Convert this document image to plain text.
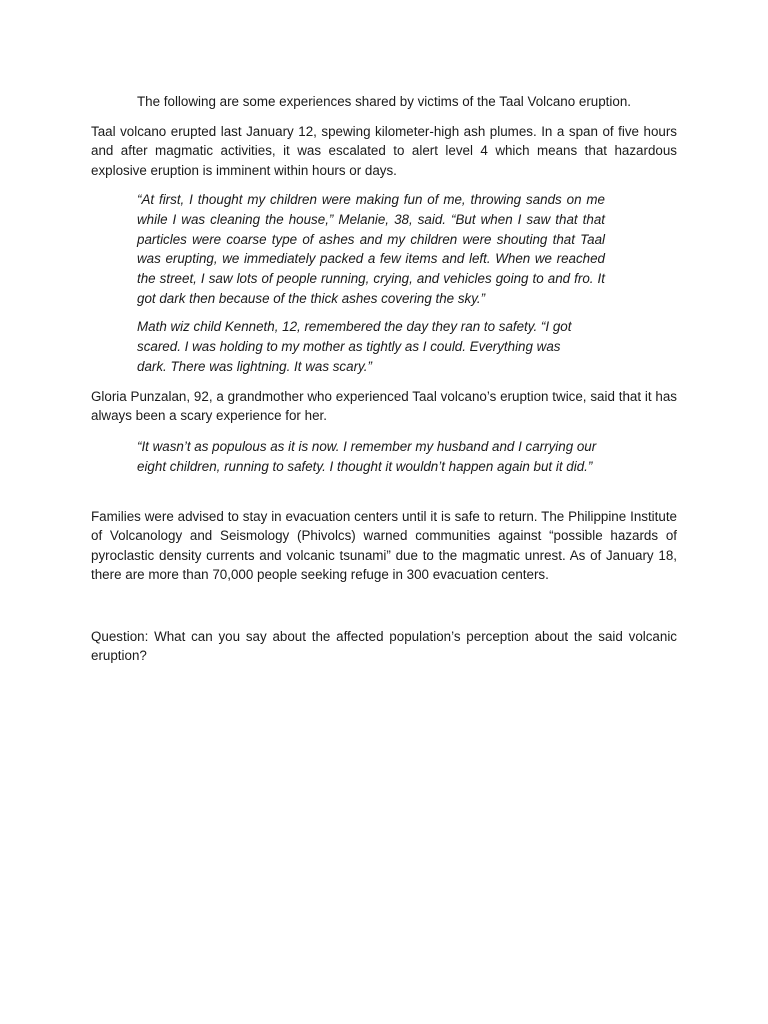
The following are some experiences shared by victims of the Taal Volcano eruption.

Taal volcano erupted last January 12, spewing kilometer-high ash plumes. In a span of five hours and after magmatic activities, it was escalated to alert level 4 which means that hazardous explosive eruption is imminent within hours or days.

“At first, I thought my children were making fun of me, throwing sands on me while I was cleaning the house,” Melanie, 38, said. “But when I saw that that particles were coarse type of ashes and my children were shouting that Taal was erupting, we immediately packed a few items and left. When we reached the street, I saw lots of people running, crying, and vehicles going to and fro. It got dark then because of the thick ashes covering the sky.”

Math wiz child Kenneth, 12, remembered the day they ran to safety. “I got scared. I was holding to my mother as tightly as I could. Everything was dark. There was lightning. It was scary.”

Gloria Punzalan, 92, a grandmother who experienced Taal volcano’s eruption twice, said that it has always been a scary experience for her.

“It wasn’t as populous as it is now. I remember my husband and I carrying our eight children, running to safety. I thought it wouldn’t happen again but it did.”

Families were advised to stay in evacuation centers until it is safe to return. The Philippine Institute of Volcanology and Seismology (Phivolcs) warned communities against “possible hazards of pyroclastic density currents and volcanic tsunami” due to the magmatic unrest. As of January 18, there are more than 70,000 people seeking refuge in 300 evacuation centers.

Question: What can you say about the affected population’s perception about the said volcanic eruption?
